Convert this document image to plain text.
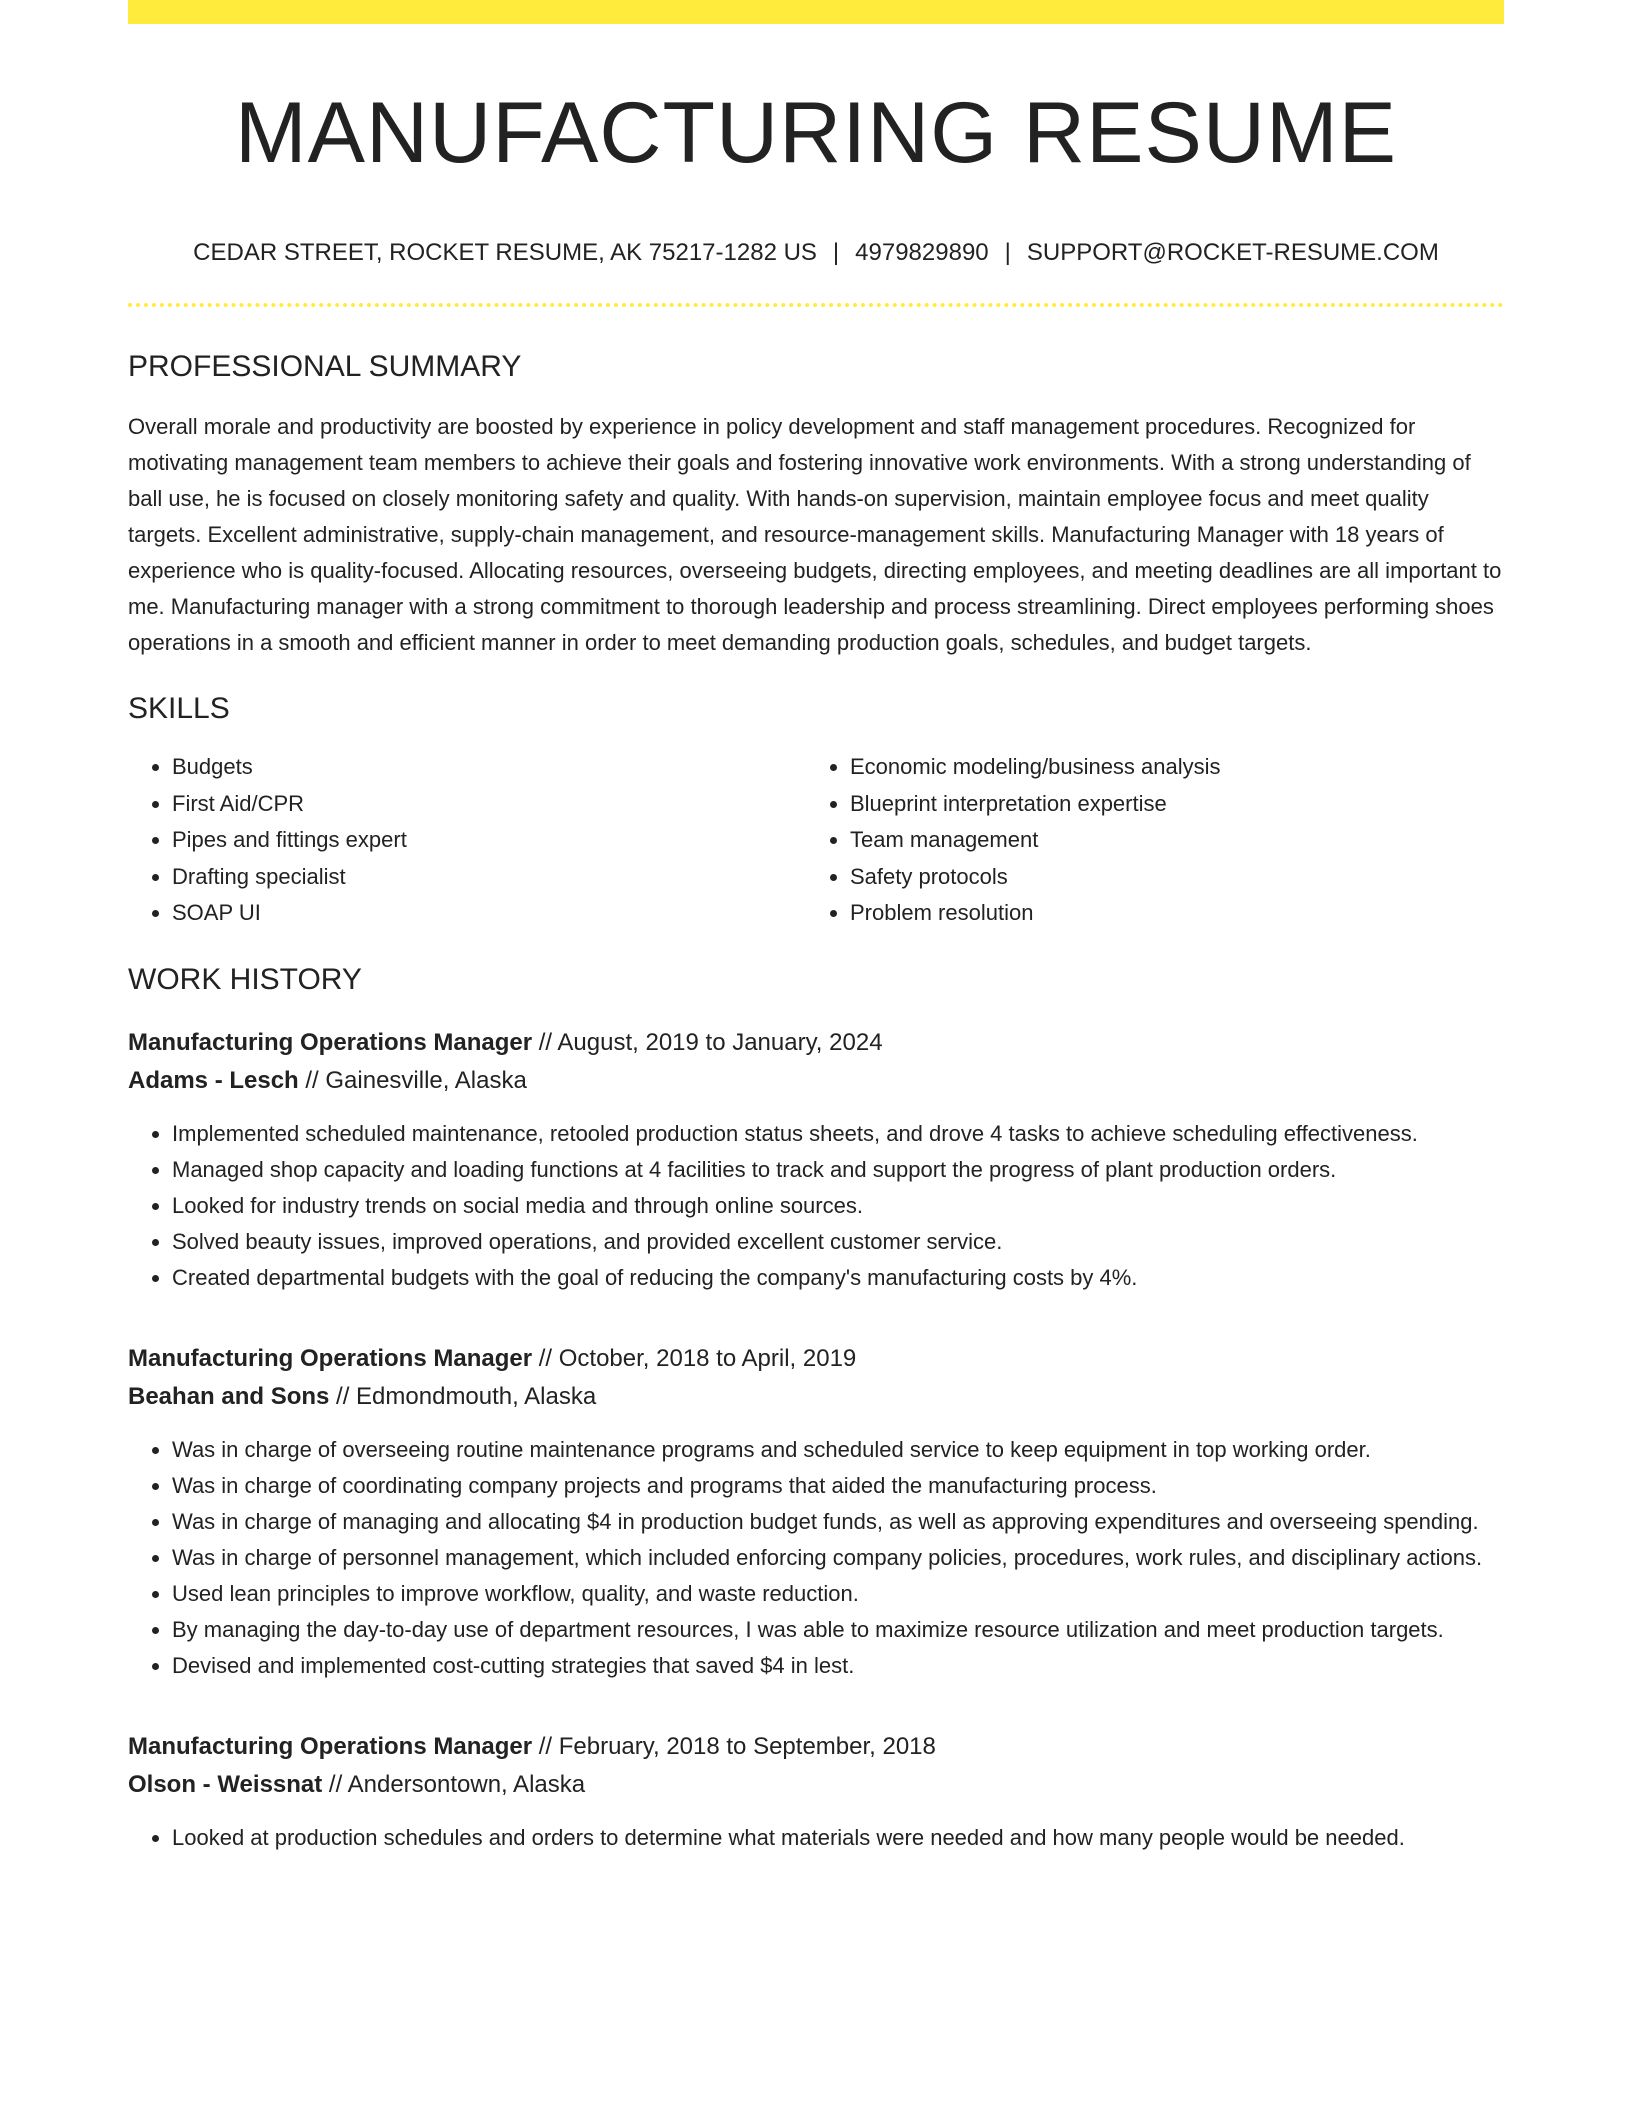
MANUFACTURING RESUME
CEDAR STREET, ROCKET RESUME, AK 75217-1282 US | 4979829890 | SUPPORT@ROCKET-RESUME.COM
PROFESSIONAL SUMMARY

Overall morale and productivity are boosted by experience in policy development and staff management procedures. Recognized for motivating management team members to achieve their goals and fostering innovative work environments. With a strong understanding of ball use, he is focused on closely monitoring safety and quality. With hands-on supervision, maintain employee focus and meet quality targets. Excellent administrative, supply-chain management, and resource-management skills. Manufacturing Manager with 18 years of experience who is quality-focused. Allocating resources, overseeing budgets, directing employees, and meeting deadlines are all important to me. Manufacturing manager with a strong commitment to thorough leadership and process streamlining. Direct employees performing shoes operations in a smooth and efficient manner in order to meet demanding production goals, schedules, and budget targets.

SKILLS
• Budgets
• First Aid/CPR
• Pipes and fittings expert
• Drafting specialist
• SOAP UI
• Economic modeling/business analysis
• Blueprint interpretation expertise
• Team management
• Safety protocols
• Problem resolution
WORK HISTORY
Manufacturing Operations Manager // August, 2019 to January, 2024
Adams - Lesch // Gainesville, Alaska
• Implemented scheduled maintenance, retooled production status sheets, and drove 4 tasks to achieve scheduling effectiveness.
• Managed shop capacity and loading functions at 4 facilities to track and support the progress of plant production orders.
• Looked for industry trends on social media and through online sources.
• Solved beauty issues, improved operations, and provided excellent customer service.
• Created departmental budgets with the goal of reducing the company's manufacturing costs by 4%.
Manufacturing Operations Manager // October, 2018 to April, 2019
Beahan and Sons // Edmondmouth, Alaska
• Was in charge of overseeing routine maintenance programs and scheduled service to keep equipment in top working order.
• Was in charge of coordinating company projects and programs that aided the manufacturing process.
• Was in charge of managing and allocating $4 in production budget funds, as well as approving expenditures and overseeing spending.
• Was in charge of personnel management, which included enforcing company policies, procedures, work rules, and disciplinary actions.
• Used lean principles to improve workflow, quality, and waste reduction.
• By managing the day-to-day use of department resources, I was able to maximize resource utilization and meet production targets.
• Devised and implemented cost-cutting strategies that saved $4 in lest.
Manufacturing Operations Manager // February, 2018 to September, 2018
Olson - Weissnat // Andersontown, Alaska
• Looked at production schedules and orders to determine what materials were needed and how many people would be needed.
